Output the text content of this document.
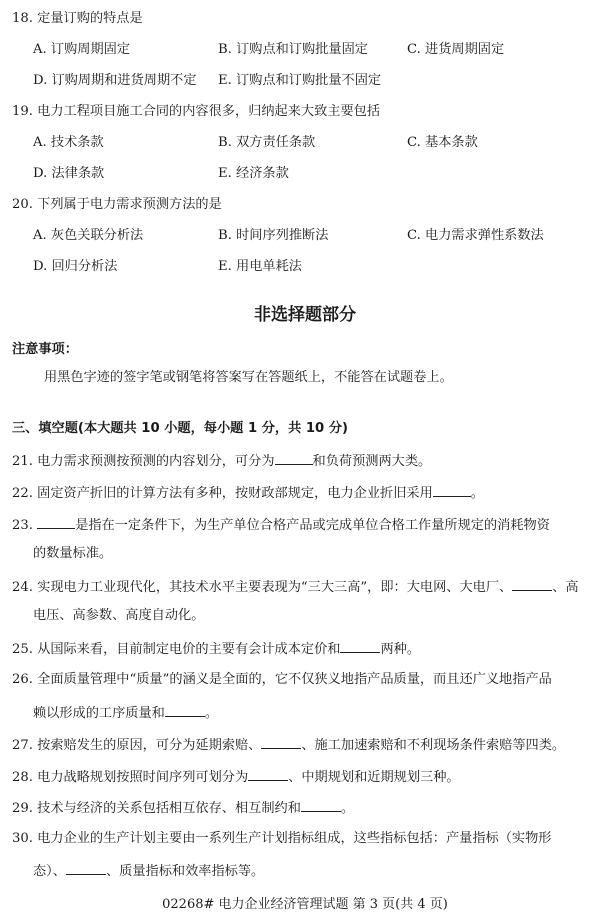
18. 定量订购的特点是
A. 订购周期固定	B. 订购点和订购批量固定	C. 进货周期固定
D. 订购周期和进货周期不定 E. 订购点和订购批量不固定
19. 电力工程项目施工合同的内容很多，归纳起来大致主要包括
A. 技术条款	B. 双方责任条款	C. 基本条款
D. 法律条款	E. 经济条款
20. 下列属于电力需求预测方法的是
A. 灰色关联分析法	B. 时间序列推断法	C. 电力需求弹性系数法
D. 回归分析法	E. 用电单耗法
非选择题部分
注意事项：
用黑色字迹的签字笔或钢笔将答案写在答题纸上，不能答在试题卷上。
三、填空题(本大题共 10 小题，每小题 1 分，共 10 分)
21. 电力需求预测按预测的内容划分，可分为	和负荷预测两大类。
22. 固定资产折旧的计算方法有多种，按财政部规定，电力企业折旧采用	。
23.	是指在一定条件下，为生产单位合格产品或完成单位合格工作量所规定的消耗物资
的数量标准。
24. 实现电力工业现代化，其技术水平主要表现为“三大三高”，即：大电网、大电厂、	、高
电压、高参数、高度自动化。
25. 从国际来看，目前制定电价的主要有会计成本定价和	两种。
26. 全面质量管理中“质量”的涵义是全面的，它不仅狭义地指产品质量，而且还广义地指产品
赖以形成的工序质量和	。
27. 按索赔发生的原因，可分为延期索赔、	、施工加速索赔和不利现场条件索赔等四类。
28. 电力战略规划按照时间序列可划分为	、中期规划和近期规划三种。
29. 技术与经济的关系包括相互依存、相互制约和	。
30. 电力企业的生产计划主要由一系列生产计划指标组成，这些指标包括：产量指标（实物形
态）、	、质量指标和效率指标等。
02268# 电力企业经济管理试题 第 3 页(共 4 页)
